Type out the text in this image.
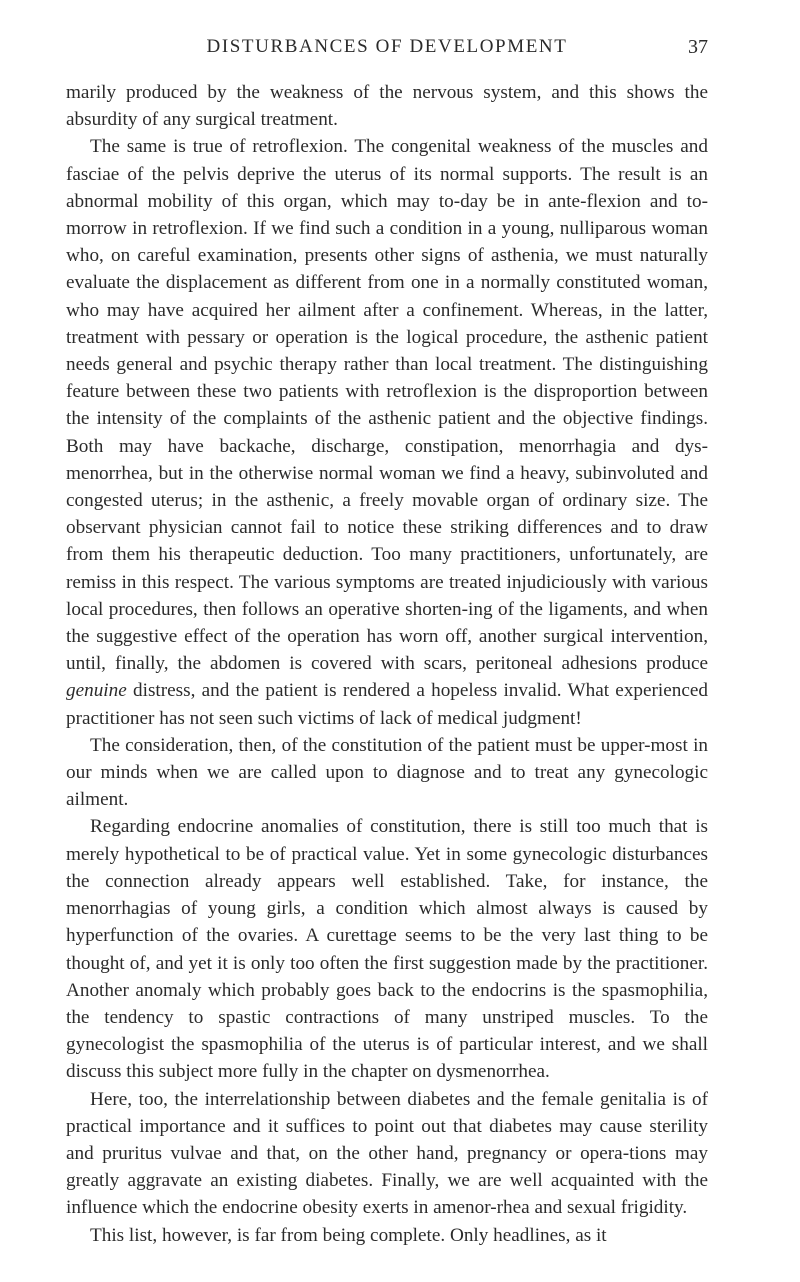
DISTURBANCES OF DEVELOPMENT	37

marily produced by the weakness of the nervous system, and this shows the absurdity of any surgical treatment.

The same is true of retroflexion. The congenital weakness of the muscles and fasciae of the pelvis deprive the uterus of its normal supports. The result is an abnormal mobility of this organ, which may to-day be in ante-flexion and to-morrow in retroflexion. If we find such a condition in a young, nulliparous woman who, on careful examination, presents other signs of asthenia, we must naturally evaluate the displacement as different from one in a normally constituted woman, who may have acquired her ailment after a confinement. Whereas, in the latter, treatment with pessary or operation is the logical procedure, the asthenic patient needs general and psychic therapy rather than local treatment. The distinguishing feature between these two patients with retroflexion is the disproportion between the intensity of the complaints of the asthenic patient and the objective findings. Both may have backache, discharge, constipation, menorrhagia and dys-menorrhea, but in the otherwise normal woman we find a heavy, subinvoluted and congested uterus; in the asthenic, a freely movable organ of ordinary size. The observant physician cannot fail to notice these striking differences and to draw from them his therapeutic deduction. Too many practitioners, unfortunately, are remiss in this respect. The various symptoms are treated injudiciously with various local procedures, then follows an operative shorten-ing of the ligaments, and when the suggestive effect of the operation has worn off, another surgical intervention, until, finally, the abdomen is covered with scars, peritoneal adhesions produce genuine distress, and the patient is rendered a hopeless invalid. What experienced practitioner has not seen such victims of lack of medical judgment!

The consideration, then, of the constitution of the patient must be upper-most in our minds when we are called upon to diagnose and to treat any gynecologic ailment.

Regarding endocrine anomalies of constitution, there is still too much that is merely hypothetical to be of practical value. Yet in some gynecologic disturbances the connection already appears well established. Take, for instance, the menorrhagias of young girls, a condition which almost always is caused by hyperfunction of the ovaries. A curettage seems to be the very last thing to be thought of, and yet it is only too often the first suggestion made by the practitioner. Another anomaly which probably goes back to the endocrins is the spasmophilia, the tendency to spastic contractions of many unstriped muscles. To the gynecologist the spasmophilia of the uterus is of particular interest, and we shall discuss this subject more fully in the chapter on dysmenorrhea.

Here, too, the interrelationship between diabetes and the female genitalia is of practical importance and it suffices to point out that diabetes may cause sterility and pruritus vulvae and that, on the other hand, pregnancy or opera-tions may greatly aggravate an existing diabetes. Finally, we are well acquainted with the influence which the endocrine obesity exerts in amenor-rhea and sexual frigidity.

This list, however, is far from being complete. Only headlines, as it
